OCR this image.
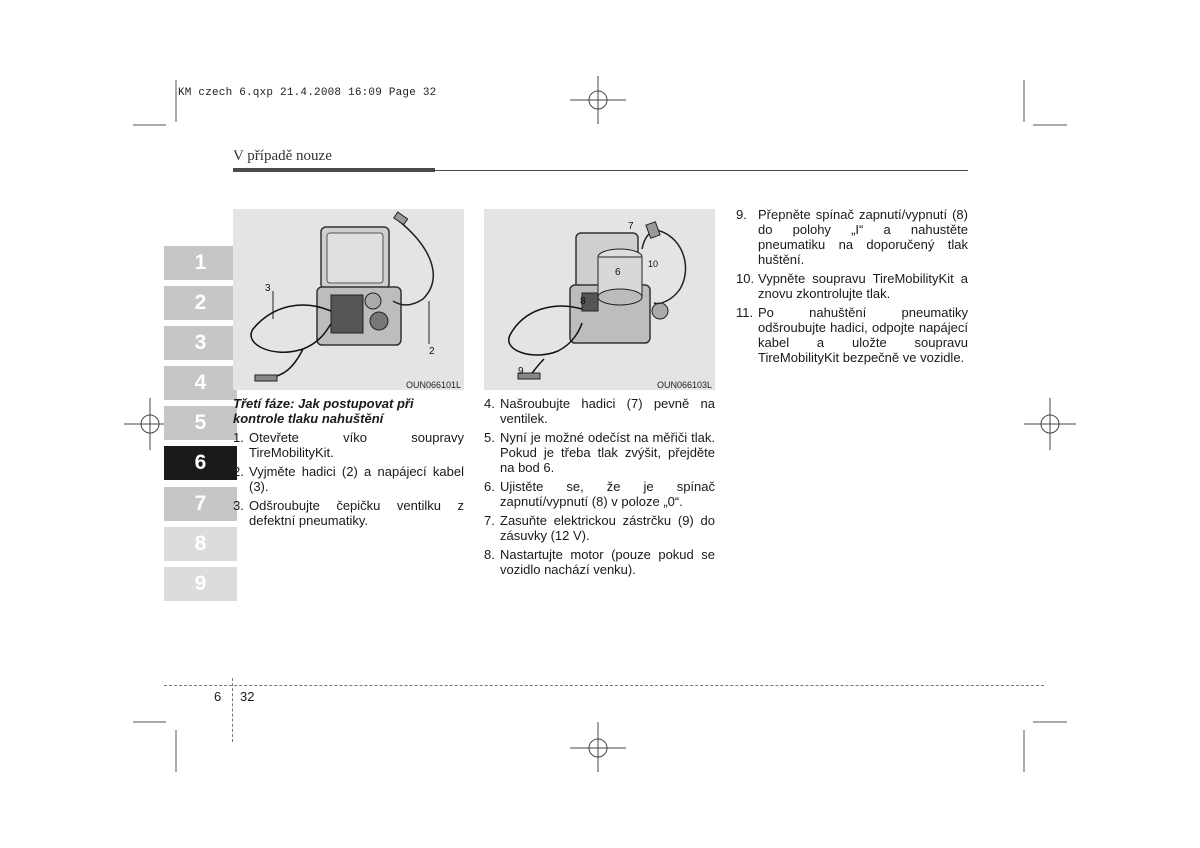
KM czech 6.qxp 21.4.2008 16:09 Page 32
V případě nouze
1
2
3
4
5
6
7
8
9
3
2
OUN066101L
7
10
6
8
9
OUN066103L
Třetí fáze: Jak postupovat při kontrole tlaku nahuštění
1. Otevřete víko soupravy TireMobilityKit.
2. Vyjměte hadici (2) a napájecí kabel (3).
3. Odšroubujte čepičku ventilku z defektní pneumatiky.
4. Našroubujte hadici (7) pevně na ventilek.
5. Nyní je možné odečíst na měřiči tlak. Pokud je třeba tlak zvýšit, přejděte na bod 6.
6. Ujistěte se, že je spínač zapnutí/vypnutí (8) v poloze „0“.
7. Zasuňte elektrickou zástrčku (9) do zásuvky (12 V).
8. Nastartujte motor (pouze pokud se vozidlo nachází venku).
9. Přepněte spínač zapnutí/vypnutí (8) do polohy „I“ a nahustěte pneumatiku na doporučený tlak huštění.
10. Vypněte soupravu TireMobilityKit a znovu zkontrolujte tlak.
11. Po nahuštění pneumatiky odšroubujte hadici, odpojte napájecí kabel a uložte soupravu TireMobilityKit bezpečně ve vozidle.
6 32
